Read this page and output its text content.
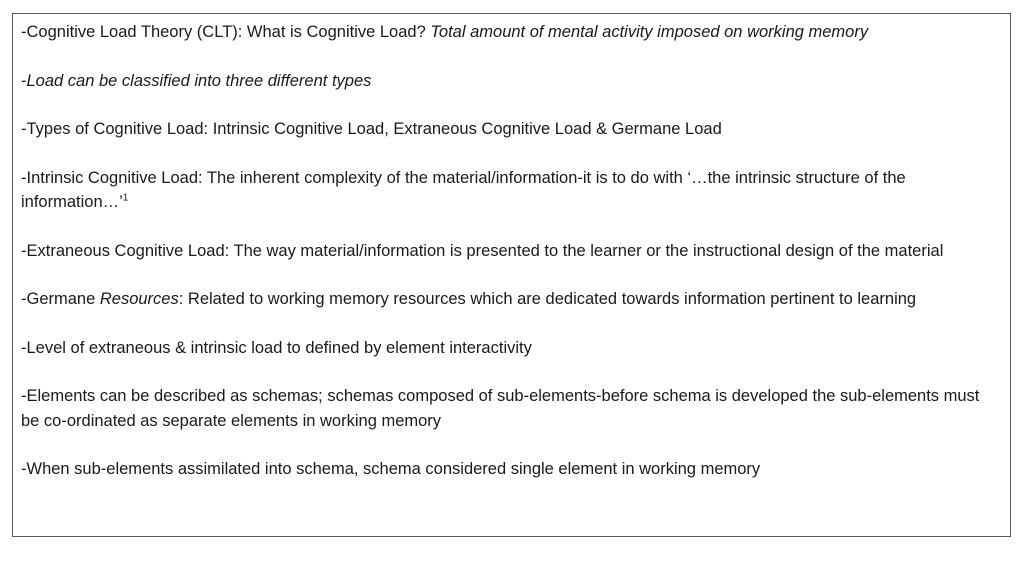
-Cognitive Load Theory (CLT): What is Cognitive Load? Total amount of mental activity imposed on working memory

-Load can be classified into three different types

-Types of Cognitive Load: Intrinsic Cognitive Load, Extraneous Cognitive Load & Germane Load

-Intrinsic Cognitive Load: The inherent complexity of the material/information-it is to do with ‘…the intrinsic structure of the information…’$^1$

-Extraneous Cognitive Load: The way material/information is presented to the learner or the instructional design of the material

-Germane Resources: Related to working memory resources which are dedicated towards information pertinent to learning

-Level of extraneous & intrinsic load to defined by element interactivity

-Elements can be described as schemas; schemas composed of sub-elements-before schema is developed the sub-elements must be co-ordinated as separate elements in working memory

-When sub-elements assimilated into schema, schema considered single element in working memory
